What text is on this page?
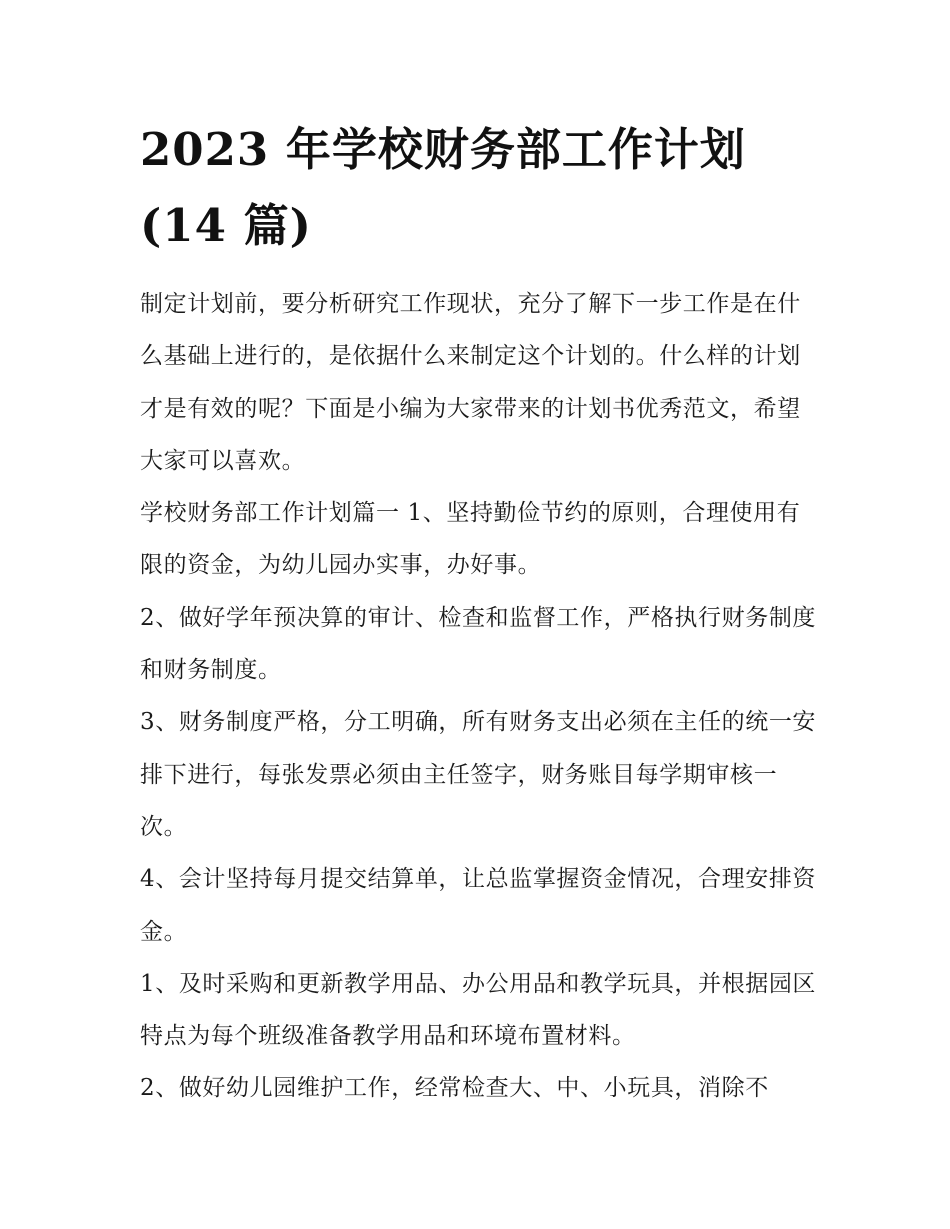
2023 年学校财务部工作计划
(14 篇)

制定计划前，要分析研究工作现状，充分了解下一步工作是在什么基础上进行的，是依据什么来制定这个计划的。什么样的计划才是有效的呢？下面是小编为大家带来的计划书优秀范文，希望大家可以喜欢。

学校财务部工作计划篇一 1、坚持勤俭节约的原则，合理使用有限的资金，为幼儿园办实事，办好事。

2、做好学年预决算的审计、检查和监督工作，严格执行财务制度和财务制度。

3、财务制度严格，分工明确，所有财务支出必须在主任的统一安排下进行，每张发票必须由主任签字，财务账目每学期审核一次。

4、会计坚持每月提交结算单，让总监掌握资金情况，合理安排资金。

1、及时采购和更新教学用品、办公用品和教学玩具，并根据园区特点为每个班级准备教学用品和环境布置材料。

2、做好幼儿园维护工作，经常检查大、中、小玩具，消除不
